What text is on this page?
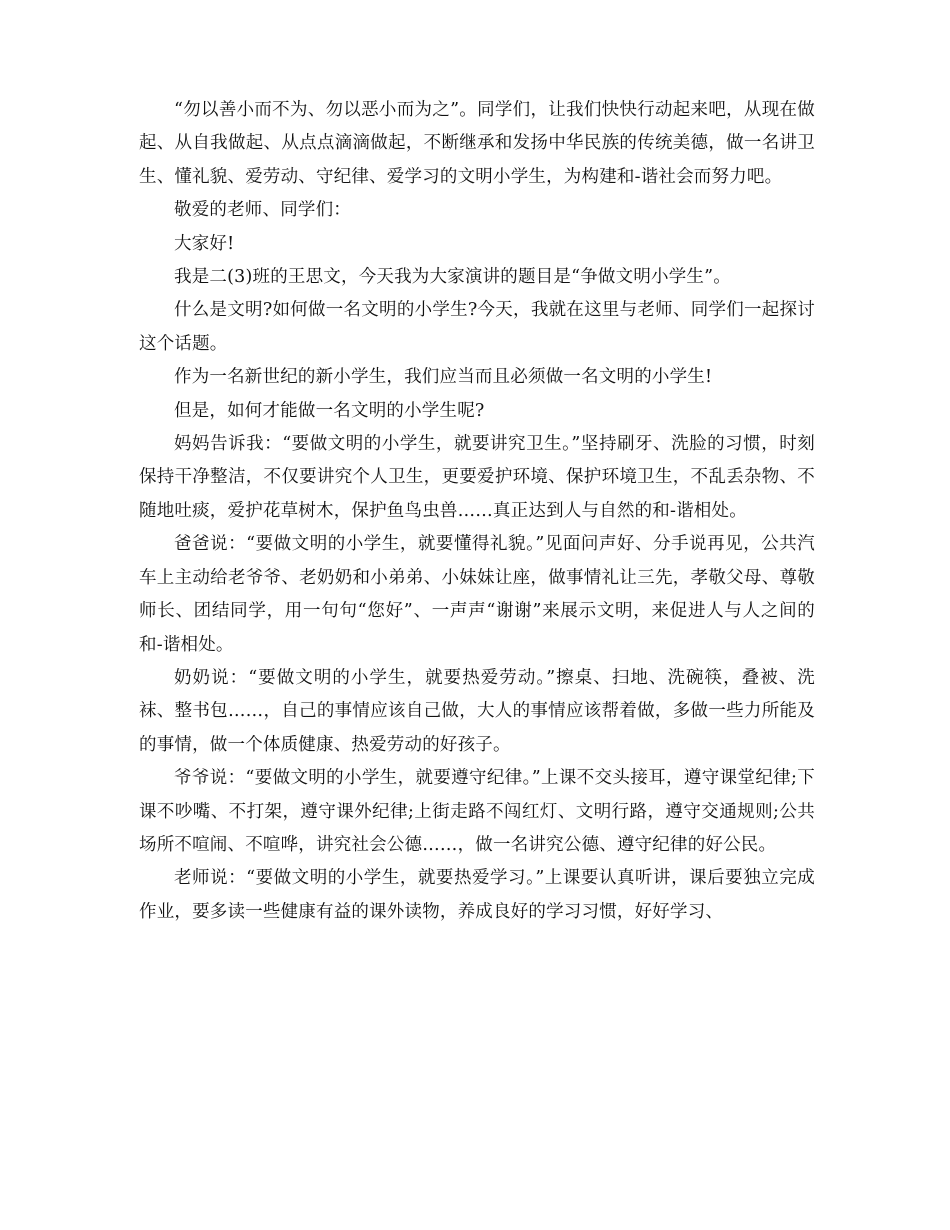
“勿以善小而不为、勿以恶小而为之”。同学们，让我们快快行动起来吧，从现在做起、从自我做起、从点点滴滴做起，不断继承和发扬中华民族的传统美德，做一名讲卫生、懂礼貌、爱劳动、守纪律、爱学习的文明小学生，为构建和-谐社会而努力吧。

敬爱的老师、同学们：

大家好!

我是二(3)班的王思文，今天我为大家演讲的题目是“争做文明小学生”。

什么是文明?如何做一名文明的小学生?今天，我就在这里与老师、同学们一起探讨这个话题。

作为一名新世纪的新小学生，我们应当而且必须做一名文明的小学生!

但是，如何才能做一名文明的小学生呢?

妈妈告诉我：“要做文明的小学生，就要讲究卫生。”坚持刷牙、洗脸的习惯，时刻保持干净整洁，不仅要讲究个人卫生，更要爱护环境、保护环境卫生，不乱丢杂物、不随地吐痰，爱护花草树木，保护鱼鸟虫兽……真正达到人与自然的和-谐相处。

爸爸说：“要做文明的小学生，就要懂得礼貌。”见面问声好、分手说再见，公共汽车上主动给老爷爷、老奶奶和小弟弟、小妹妹让座，做事情礼让三先，孝敬父母、尊敬师长、团结同学，用一句句“您好”、一声声“谢谢”来展示文明，来促进人与人之间的和-谐相处。

奶奶说：“要做文明的小学生，就要热爱劳动。”擦桌、扫地、洗碗筷，叠被、洗袜、整书包……，自己的事情应该自己做，大人的事情应该帮着做，多做一些力所能及的事情，做一个体质健康、热爱劳动的好孩子。

爷爷说：“要做文明的小学生，就要遵守纪律。”上课不交头接耳，遵守课堂纪律;下课不吵嘴、不打架，遵守课外纪律;上街走路不闯红灯、文明行路，遵守交通规则;公共场所不喧闹、不喧哗，讲究社会公德……，做一名讲究公德、遵守纪律的好公民。

老师说：“要做文明的小学生，就要热爱学习。”上课要认真听讲，课后要独立完成作业，要多读一些健康有益的课外读物，养成良好的学习习惯，好好学习、
